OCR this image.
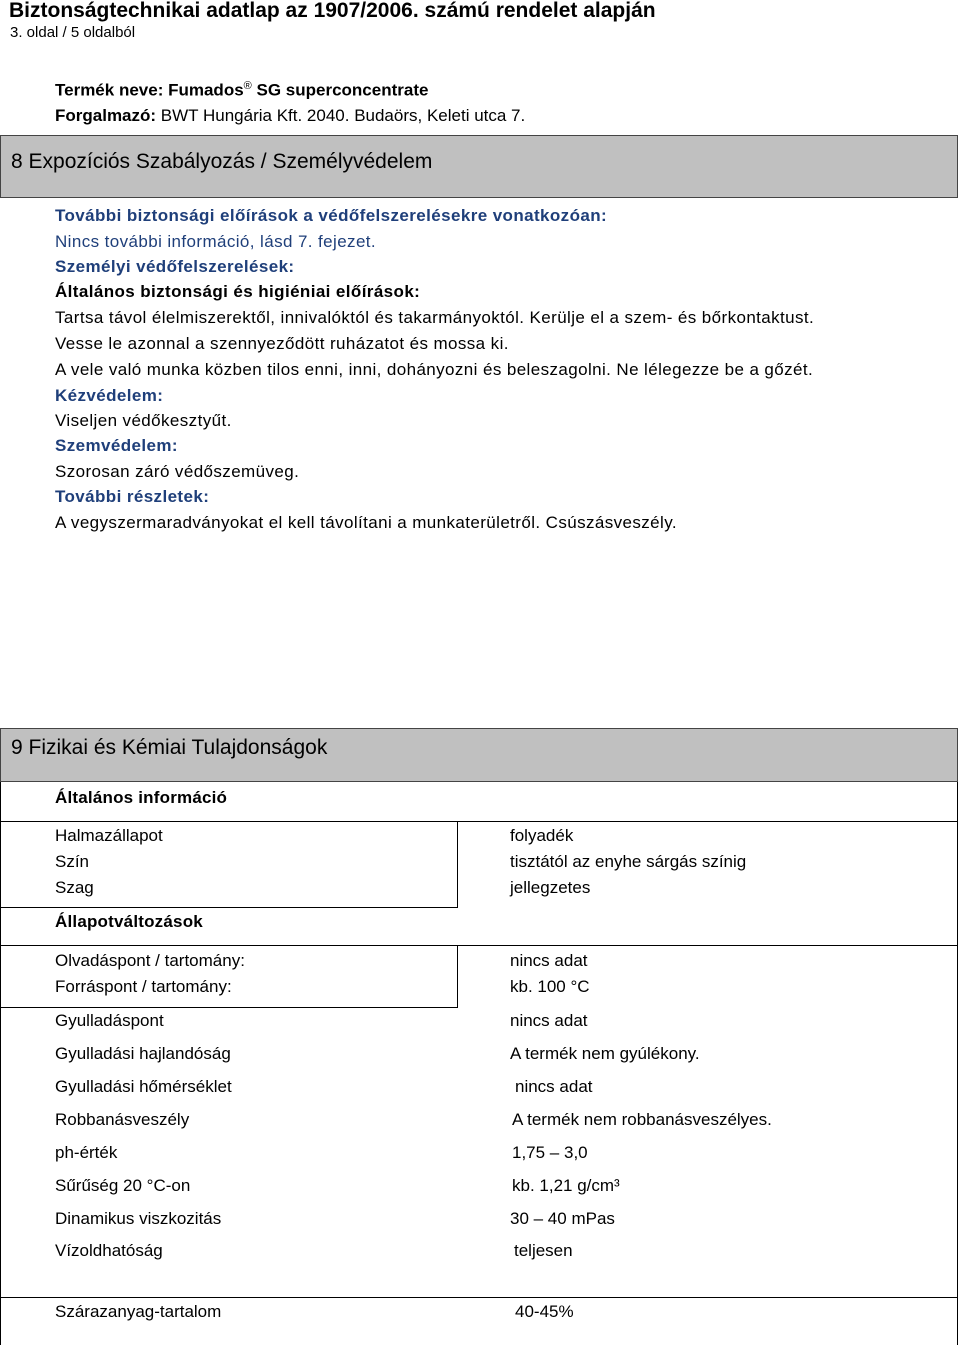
Biztonságtechnikai adatlap az 1907/2006. számú rendelet alapján
3. oldal / 5 oldalból
Termék neve: Fumados® SG superconcentrate
Forgalmazó: BWT Hungária Kft. 2040. Budaörs, Keleti utca 7.
8 Expozíciós Szabályozás / Személyvédelem
További biztonsági előírások a védőfelszerelésekre vonatkozóan:
Nincs további információ, lásd 7. fejezet.
Személyi védőfelszerelések:
Általános biztonsági és higiéniai előírások:
Tartsa távol élelmiszerektől, innivalóktól és takarmányoktól. Kerülje el a szem- és bőrkontaktust.
Vesse le azonnal a szennyeződött ruházatot és mossa ki.
A vele való munka közben tilos enni, inni, dohányozni és beleszagolni. Ne lélegezze be a gőzét.
Kézvédelem:
Viseljen védőkesztyűt.
Szemvédelem:
Szorosan záró védőszemüveg.
További részletek:
A vegyszermaradványokat el kell távolítani a munkaterületről. Csúszásveszély.
9 Fizikai és Kémiai Tulajdonságok
Általános információ
Halmazállapot	folyadék
Szín	tisztától az enyhe sárgás színig
Szag	jellegzetes
Állapotváltozások
Olvadáspont / tartomány:	nincs adat
Forráspont / tartomány:	kb. 100 °C
Gyulladáspont	nincs adat
Gyulladási hajlandóság	A termék nem gyúlékony.
Gyulladási hőmérséklet	nincs adat
Robbanásveszély	A termék nem robbanásveszélyes.
ph-érték	1,75 – 3,0
Sűrűség 20 °C-on	kb. 1,21 g/cm³
Dinamikus viszkozitás	30 – 40 mPas
Vízoldhatóság	teljesen
Szárazanyag-tartalom	40-45%
